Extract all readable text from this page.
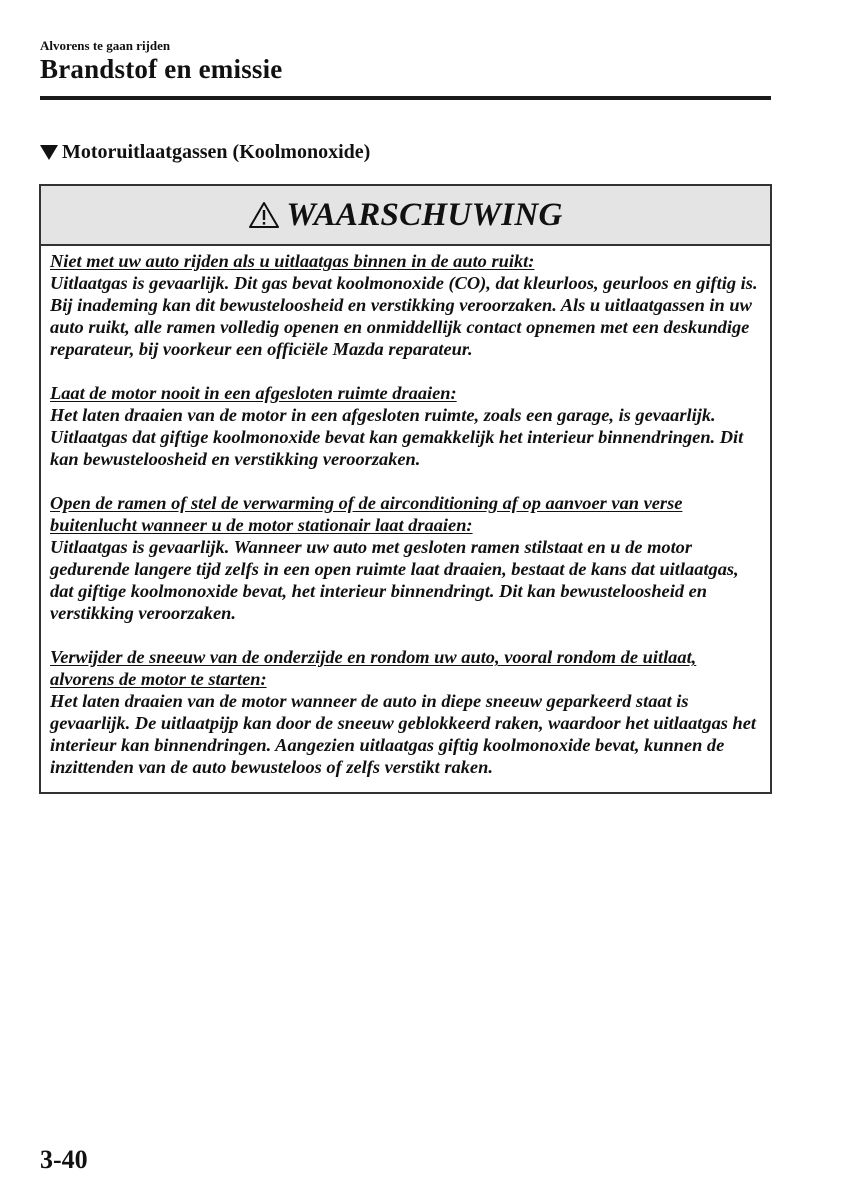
Alvorens te gaan rijden
Brandstof en emissie
Motoruitlaatgassen (Koolmonoxide)
WAARSCHUWING
Niet met uw auto rijden als u uitlaatgas binnen in de auto ruikt:
Uitlaatgas is gevaarlijk. Dit gas bevat koolmonoxide (CO), dat kleurloos, geurloos en giftig is. Bij inademing kan dit bewusteloosheid en verstikking veroorzaken. Als u uitlaatgassen in uw auto ruikt, alle ramen volledig openen en onmiddellijk contact opnemen met een deskundige reparateur, bij voorkeur een officiële Mazda reparateur.
Laat de motor nooit in een afgesloten ruimte draaien:
Het laten draaien van de motor in een afgesloten ruimte, zoals een garage, is gevaarlijk. Uitlaatgas dat giftige koolmonoxide bevat kan gemakkelijk het interieur binnendringen. Dit kan bewusteloosheid en verstikking veroorzaken.
Open de ramen of stel de verwarming of de airconditioning af op aanvoer van verse buitenlucht wanneer u de motor stationair laat draaien:
Uitlaatgas is gevaarlijk. Wanneer uw auto met gesloten ramen stilstaat en u de motor gedurende langere tijd zelfs in een open ruimte laat draaien, bestaat de kans dat uitlaatgas, dat giftige koolmonoxide bevat, het interieur binnendringt. Dit kan bewusteloosheid en verstikking veroorzaken.
Verwijder de sneeuw van de onderzijde en rondom uw auto, vooral rondom de uitlaat, alvorens de motor te starten:
Het laten draaien van de motor wanneer de auto in diepe sneeuw geparkeerd staat is gevaarlijk. De uitlaatpijp kan door de sneeuw geblokkeerd raken, waardoor het uitlaatgas het interieur kan binnendringen. Aangezien uitlaatgas giftig koolmonoxide bevat, kunnen de inzittenden van de auto bewusteloos of zelfs verstikt raken.
3-40
